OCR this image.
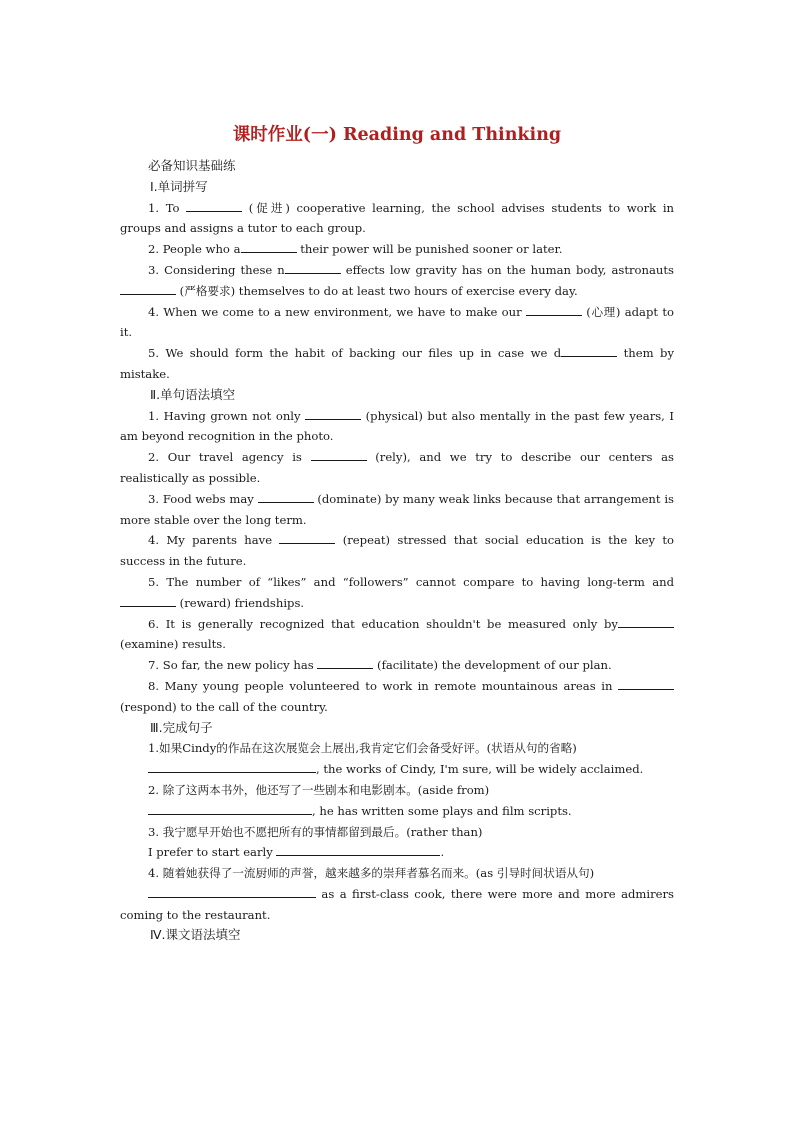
课时作业(一) Reading and Thinking

必备知识基础练

Ⅰ.单词拼写

1. To	(促进) cooperative learning, the school advises students to work in groups and assigns a tutor to each group.

2. People who a	their power will be punished sooner or later.

3. Considering these n	effects low gravity has on the human body, astronauts  (严格要求) themselves to do at least two hours of exercise every day.

4. When we come to a new environment, we have to make our	(心理) adapt to it.

5. We should form the habit of backing our files up in case we d	them by mistake.

Ⅱ.单句语法填空

1. Having grown not only	(physical) but also mentally in the past few years, I am beyond recognition in the photo.

2. Our travel agency is	(rely), and we try to describe our centers as realistically as possible.

3. Food webs may	(dominate) by many weak links because that arrangement is more stable over the long term.

4. My parents have	(repeat) stressed that social education is the key to success in the future.

5. The number of “likes” and “followers” cannot compare to having long-term and  (reward) friendships.

6. It is generally recognized that education shouldn't be measured only by (examine) results.

7. So far, the new policy has	(facilitate) the development of our plan.

8. Many young people volunteered to work in remote mountainous areas in  (respond) to the call of the country.

Ⅲ.完成句子

1.如果Cindy的作品在这次展览会上展出,我肯定它们会备受好评。(状语从句的省略)

, the works of Cindy, I'm sure, will be widely acclaimed.

2. 除了这两本书外，他还写了一些剧本和电影剧本。(aside from)

, he has written some plays and film scripts.

3. 我宁愿早开始也不愿把所有的事情都留到最后。(rather than)

I prefer to start early	.

4. 随着她获得了一流厨师的声誉，越来越多的崇拜者慕名而来。(as 引导时间状语从句)

as a first-class cook, there were more and more admirers coming to the restaurant.

Ⅳ.课文语法填空
